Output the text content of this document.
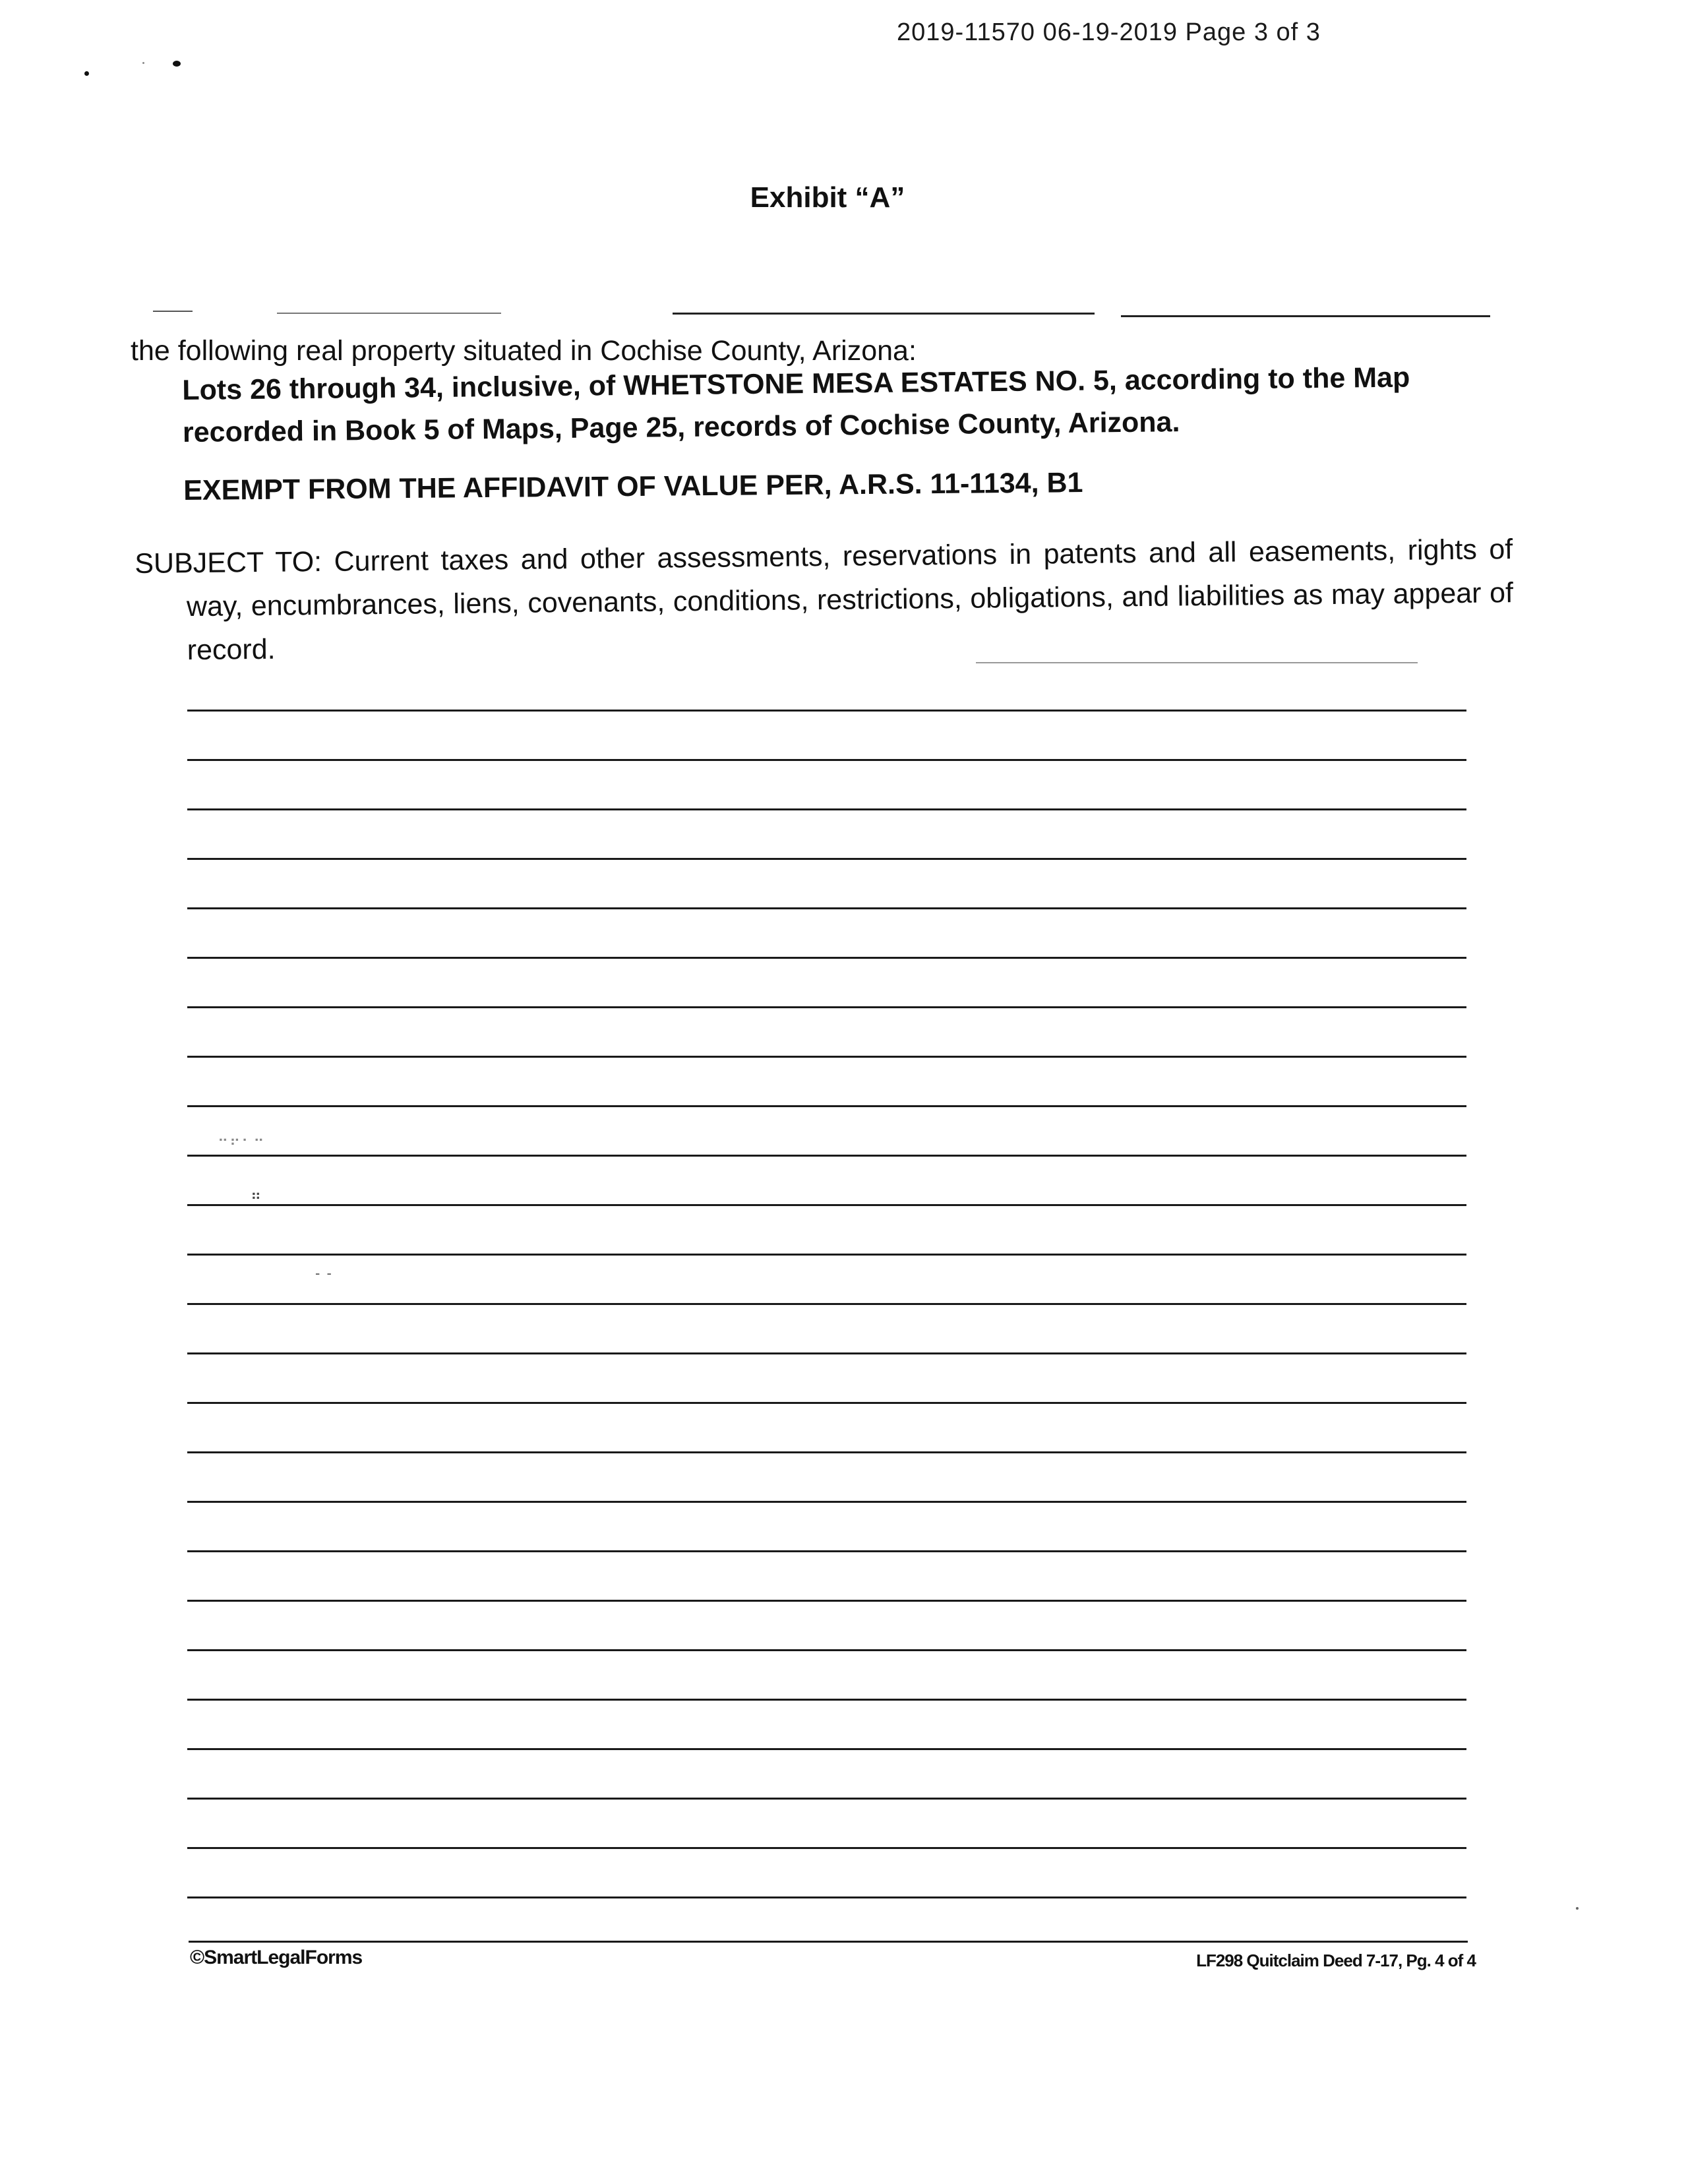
2019-11570 06-19-2019 Page 3 of 3
Exhibit “A”
the following real property situated in Cochise County, Arizona:
Lots 26 through 34, inclusive, of WHETSTONE MESA ESTATES NO. 5, according to the Map recorded in Book 5 of Maps, Page 25, records of Cochise County, Arizona.
EXEMPT FROM THE AFFIDAVIT OF VALUE PER, A.R.S. 11-1134, B1
SUBJECT TO: Current taxes and other assessments, reservations in patents and all easements, rights of way, encumbrances, liens, covenants, conditions, restrictions, obligations, and liabilities as may appear of record.
⠒⠖⠂⠒
⠶
- -
©SmartLegalForms	LF298 Quitclaim Deed 7-17, Pg. 4 of 4
